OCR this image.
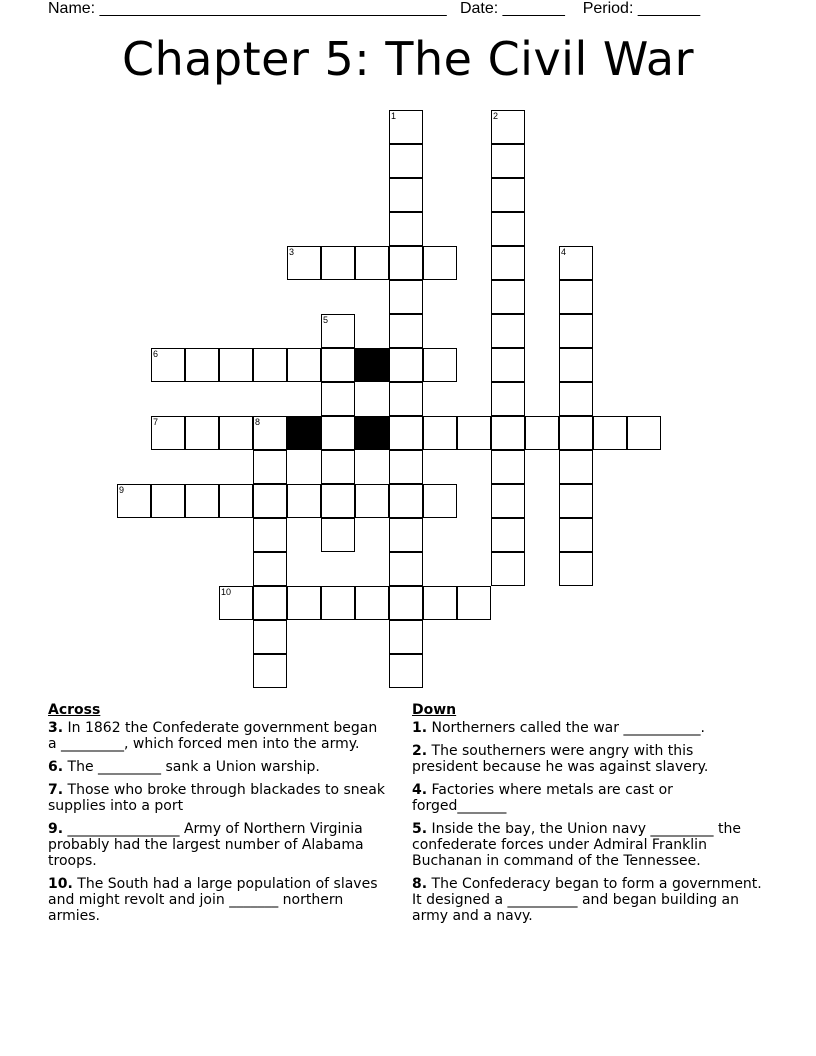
Name: _______________________________________   Date: _______    Period: _______
Chapter 5: The Civil War
1	2
3	4
5
6
7	8
9
10
Across
3. In 1862 the Confederate government began a _________, which forced men into the army.
6. The _________ sank a Union warship.
7. Those who broke through blackades to sneak supplies into a port
9. ________________ Army of Northern Virginia probably had the largest number of Alabama troops.
10. The South had a large population of slaves and might revolt and join _______ northern armies.
Down
1. Northerners called the war ___________.
2. The southerners were angry with this president because he was against slavery.
4. Factories where metals are cast or forged_______
5. Inside the bay, the Union navy _________ the confederate forces under Admiral Franklin Buchanan in command of the Tennessee.
8. The Confederacy began to form a government. It designed a __________ and began building an army and a navy.
